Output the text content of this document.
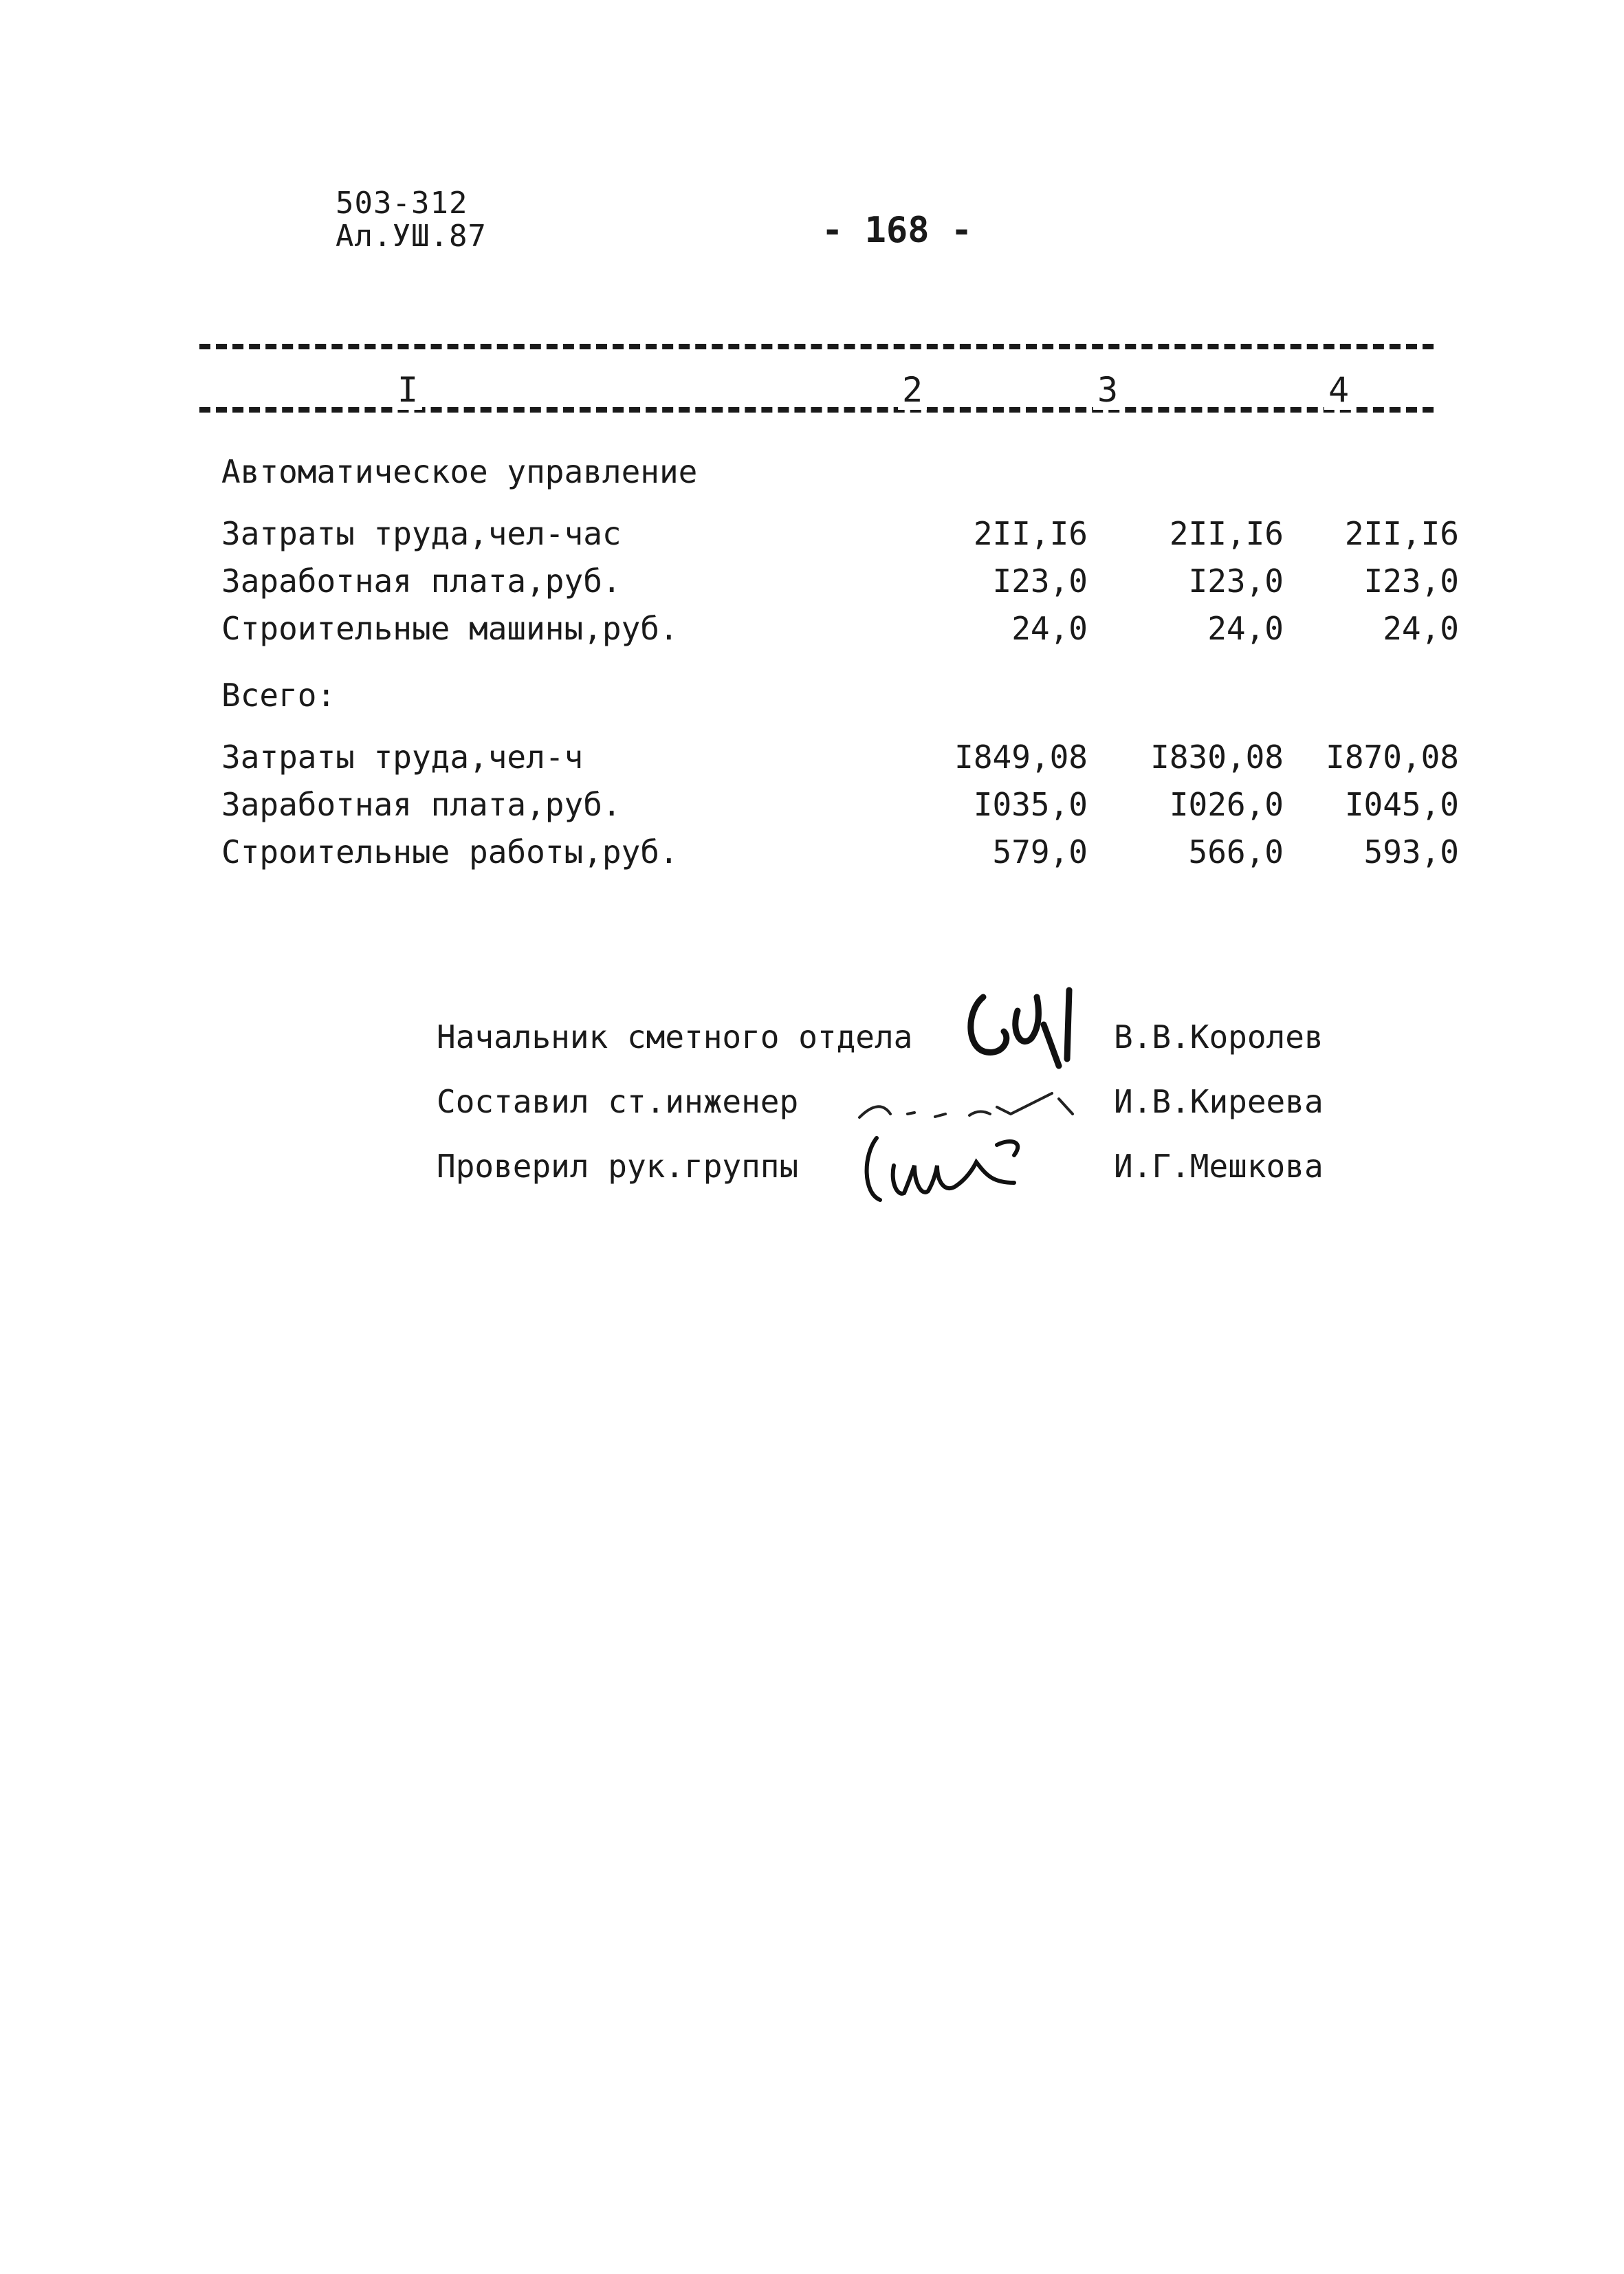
503-312
Ал.УШ.87	- 168 -
I	2	3	4
Автоматическое управление
Затраты труда,чел-час	2II,I6	2II,I6	2II,I6
Заработная плата,руб.	I23,0	I23,0	I23,0
Строительные машины,руб.	24,0	24,0	24,0
Всего:
Затраты труда,чел-ч	I849,08	I830,08	I870,08
Заработная плата,руб.	I035,0	I026,0	I045,0
Строительные работы,руб.	579,0	566,0	593,0
Начальник сметного отдела	В.В.Королев
Составил ст.инженер	И.В.Киреева
Проверил рук.группы	И.Г.Мешкова
